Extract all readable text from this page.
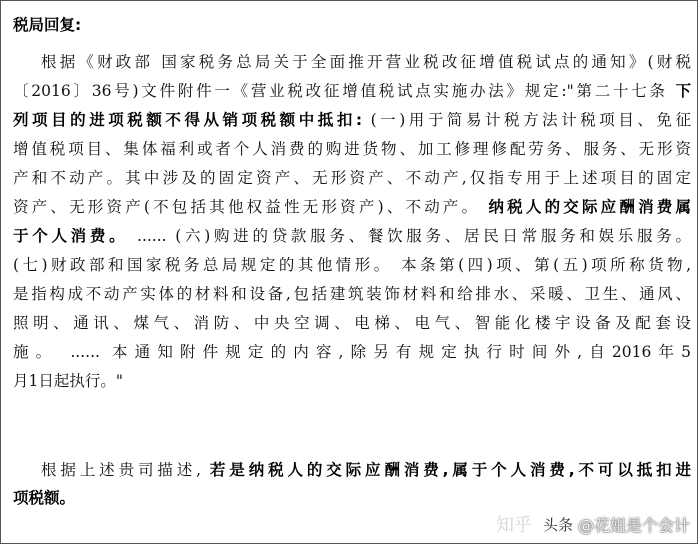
税局回复:
根据《财政部 国家税务总局关于全面推开营业税改征增值税试点的通知》(财税
〔2016〕36号)文件附件一《营业税改征增值税试点实施办法》规定:"第二十七条 下
列项目的进项税额不得从销项税额中抵扣: (一)用于简易计税方法计税项目、免征
增值税项目、集体福利或者个人消费的购进货物、加工修理修配劳务、服务、无形资
产和不动产。其中涉及的固定资产、无形资产、不动产,仅指专用于上述项目的固定
资产、无形资产(不包括其他权益性无形资产)、不动产。 纳税人的交际应酬消费属
于个人消费。 ...... (六)购进的贷款服务、餐饮服务、居民日常服务和娱乐服务。
(七)财政部和国家税务总局规定的其他情形。 本条第(四)项、第(五)项所称货物,
是指构成不动产实体的材料和设备,包括建筑装饰材料和给排水、采暖、卫生、通风、
照明、通讯、煤气、消防、中央空调、电梯、电气、智能化楼宇设备及配套设
施。 ...... 本通知附件规定的内容,除另有规定执行时间外,自2016年5
月1日起执行。"
根据上述贵司描述, 若是纳税人的交际应酬消费,属于个人消费,不可以抵扣进
项税额。
知乎 头条 @花姐是个会计
